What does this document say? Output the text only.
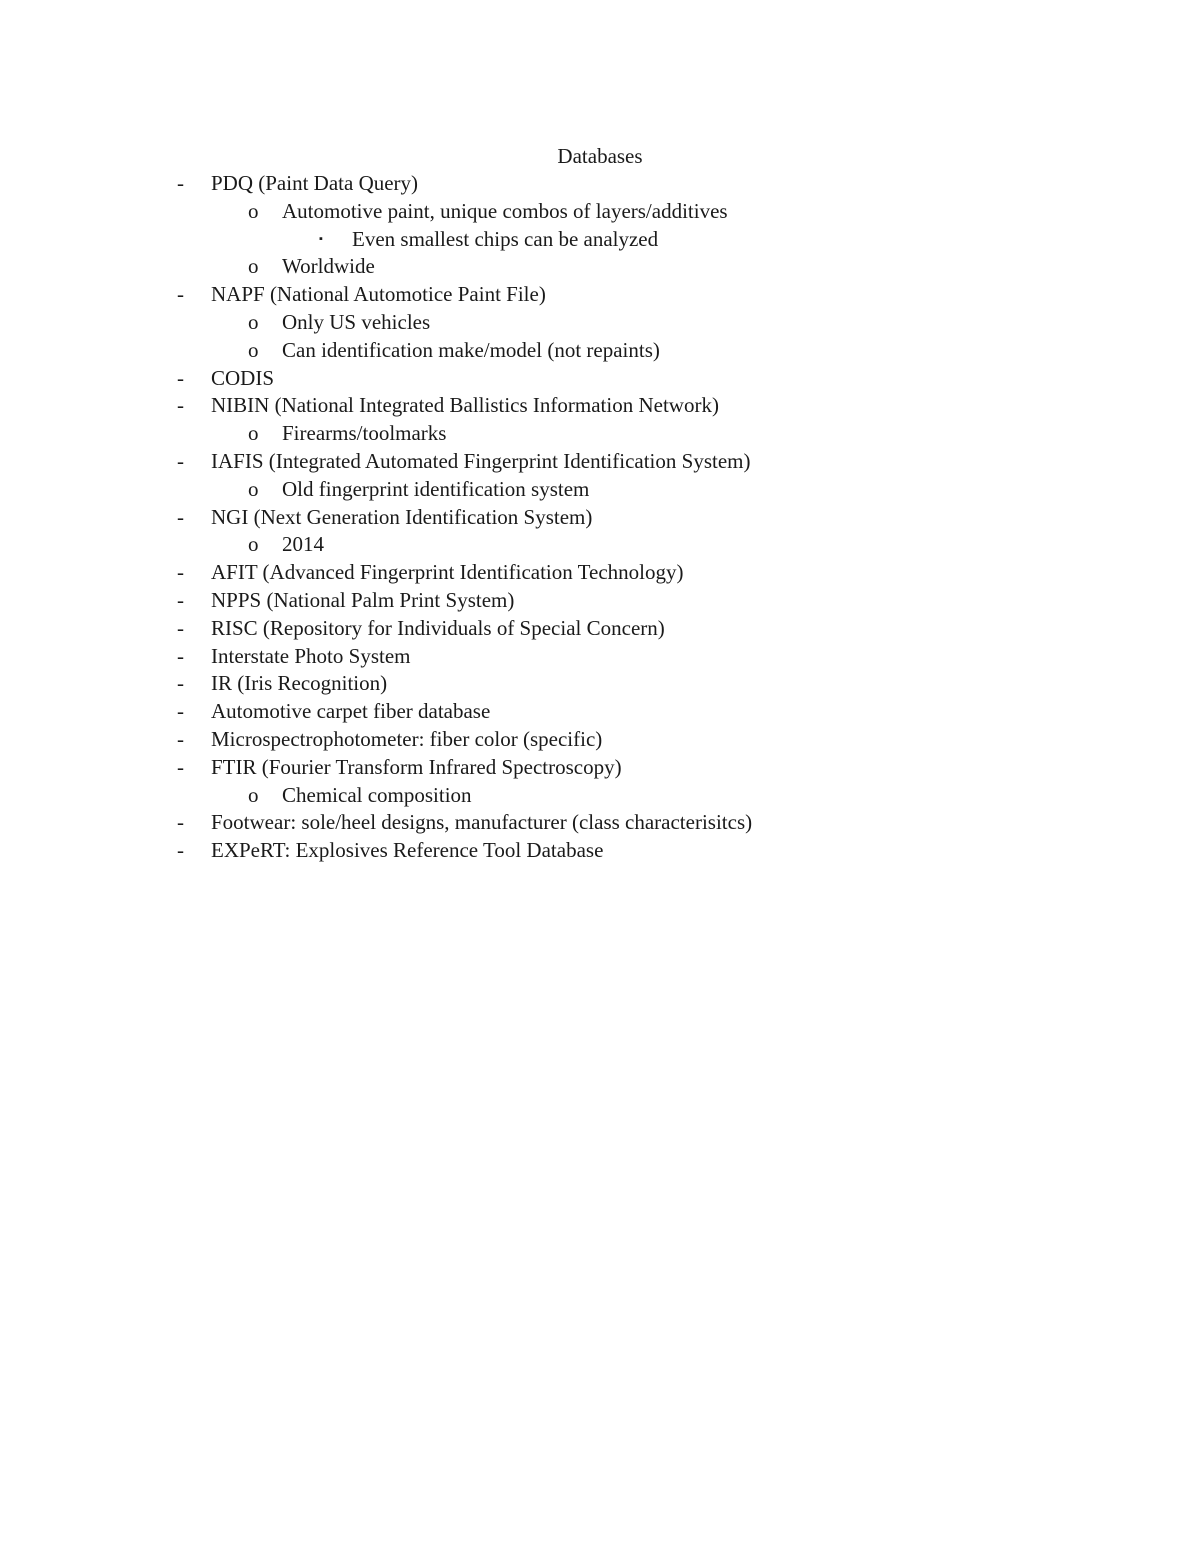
Databases
- PDQ (Paint Data Query)
o Automotive paint, unique combos of layers/additives
▪ Even smallest chips can be analyzed
o Worldwide
- NAPF (National Automotice Paint File)
o Only US vehicles
o Can identification make/model (not repaints)
- CODIS
- NIBIN (National Integrated Ballistics Information Network)
o Firearms/toolmarks
- IAFIS (Integrated Automated Fingerprint Identification System)
o Old fingerprint identification system
- NGI (Next Generation Identification System)
o 2014
- AFIT (Advanced Fingerprint Identification Technology)
- NPPS (National Palm Print System)
- RISC (Repository for Individuals of Special Concern)
- Interstate Photo System
- IR (Iris Recognition)
- Automotive carpet fiber database
- Microspectrophotometer: fiber color (specific)
- FTIR (Fourier Transform Infrared Spectroscopy)
o Chemical composition
- Footwear: sole/heel designs, manufacturer (class characterisitcs)
- EXPeRT: Explosives Reference Tool Database
